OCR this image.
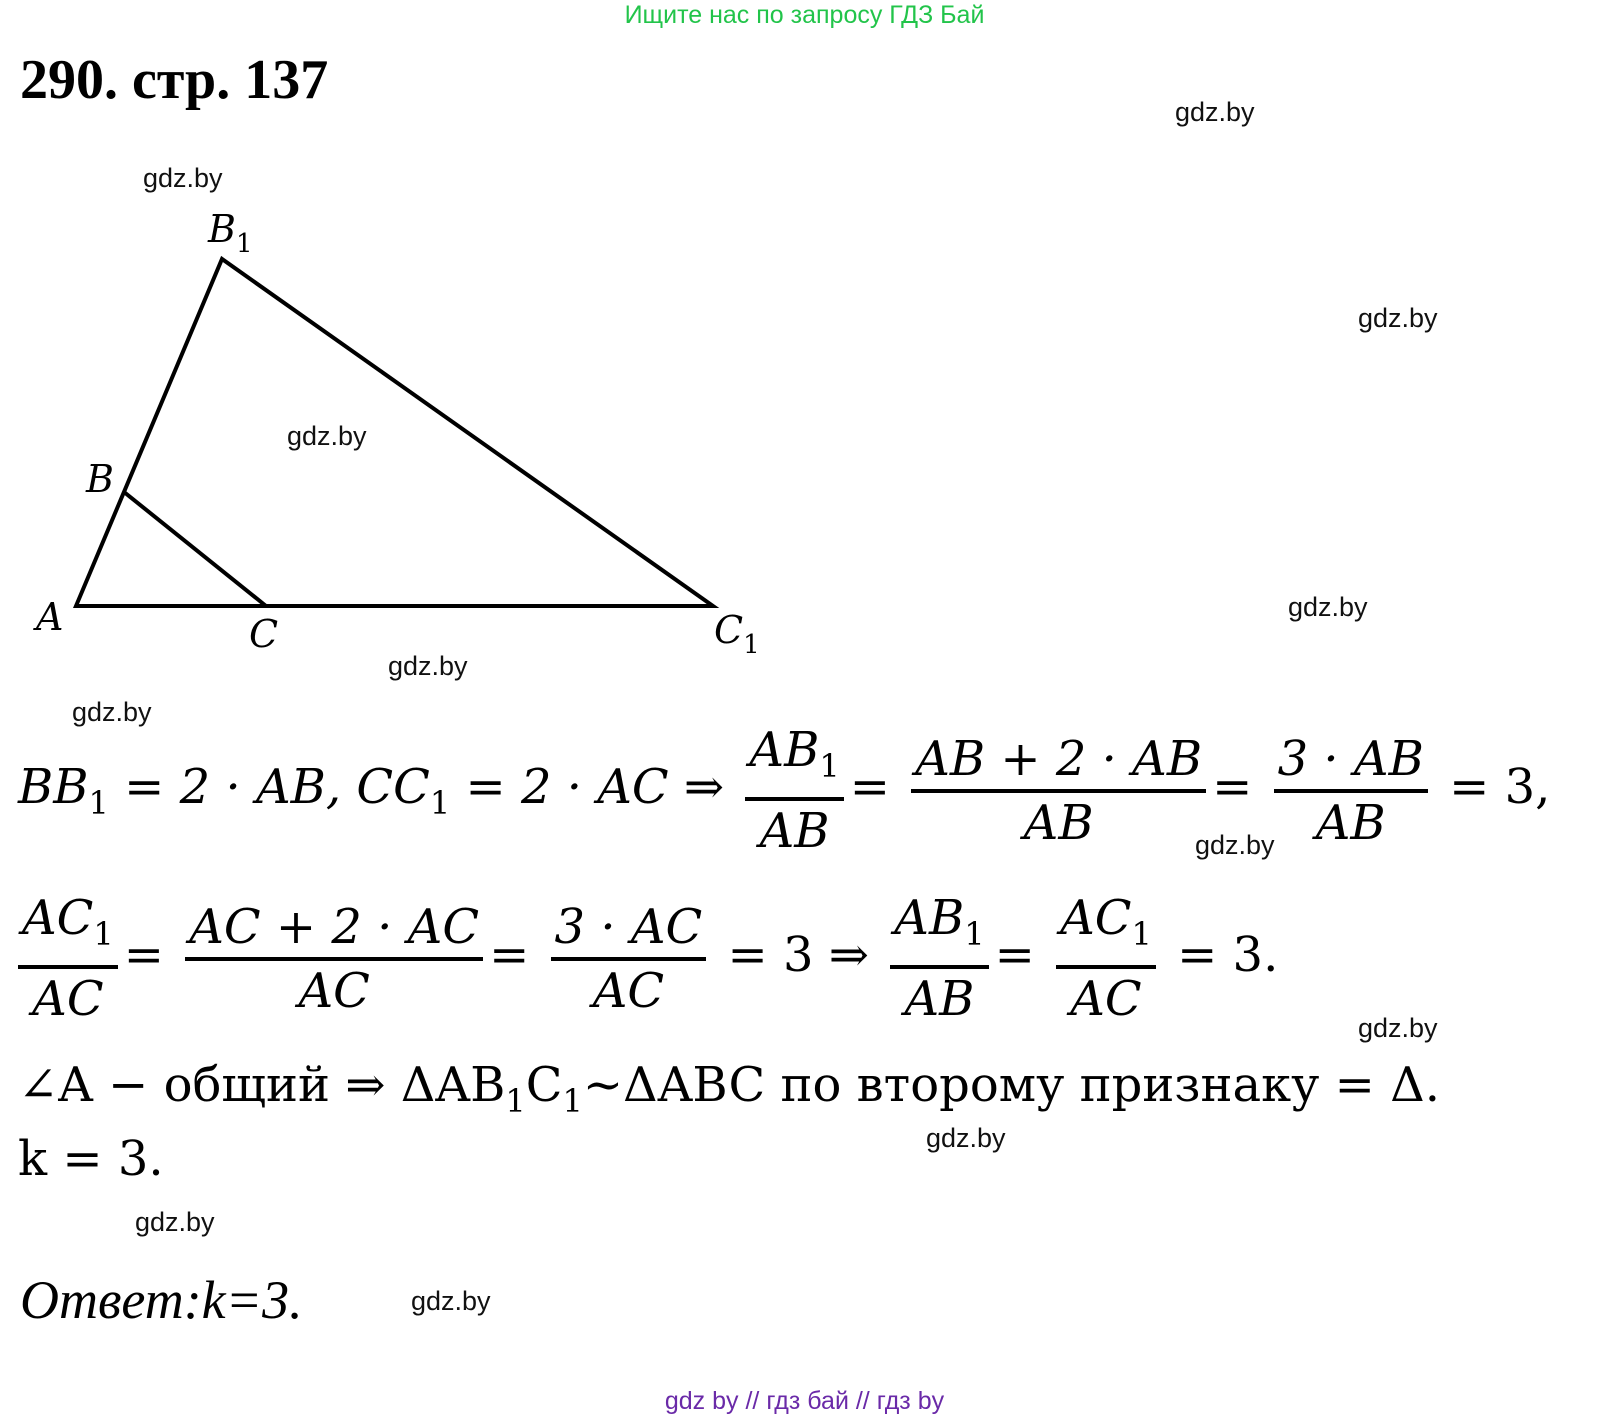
Ищите нас по запросу ГДЗ Бай
290. стр. 137
gdz.by
gdz.by
gdz.by
gdz.by
gdz.by
gdz.by
gdz.by
gdz.by
gdz.by
gdz.by
gdz.by
gdz.by
A
B
C
$B_1$
$C_1$
$BB_1 = 2$ · AB, $CC_1 = 2$ · AC ⇒ $\frac{AB_1}{AB} = \frac{AB + 2 \cdot AB}{AB} = \frac{3 \cdot AB}{AB} = 3$,
$\frac{AC_1}{AC} = \frac{AC + 2 \cdot AC}{AC} = \frac{3 \cdot AC}{AC} = 3$ ⇒ $\frac{AB_1}{AB} = \frac{AC_1}{AC} = 3$.
∠A − общий ⇒ $\Delta AB_1C_1\sim\Delta ABC$ по второму признаку = Δ.
k = 3.
Ответ:k=3.
gdz by // гдз бай // гдз by
